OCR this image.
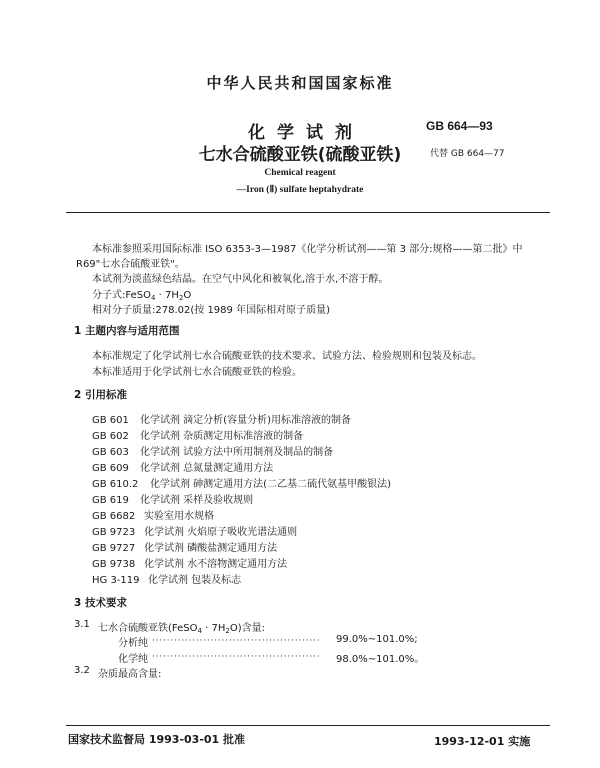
中华人民共和国国家标准
化学试剂
七水合硫酸亚铁(硫酸亚铁)
GB 664—93
代替 GB 664—77
Chemical reagent
—Iron (Ⅱ) sulfate heptahydrate
本标准参照采用国际标准 ISO 6353-3—1987《化学分析试剂——第 3 部分:规格——第二批》中
R69"七水合硫酸亚铁"。
本试剂为淡蓝绿色结晶。在空气中风化和被氧化,溶于水,不溶于醇。
分子式:FeSO$_4$ · $7H_2O$
相对分子质量:278.02(按 1989 年国际相对原子质量)
1 主题内容与适用范围
本标准规定了化学试剂七水合硫酸亚铁的技术要求、试验方法、检验规则和包装及标志。
本标准适用于化学试剂七水合硫酸亚铁的检验。
2 引用标准
GB 601 化学试剂 滴定分析(容量分析)用标准溶液的制备
GB 602 化学试剂 杂质测定用标准溶液的制备
GB 603 化学试剂 试验方法中所用制剂及制品的制备
GB 609 化学试剂 总氮量测定通用方法
GB 610.2 化学试剂 砷测定通用方法(二乙基二硫代氨基甲酸银法)
GB 619 化学试剂 采样及验收规则
GB 6682 实验室用水规格
GB 9723 化学试剂 火焰原子吸收光谱法通则
GB 9727 化学试剂 磷酸盐测定通用方法
GB 9738 化学试剂 水不溶物测定通用方法
HG 3-119 化学试剂 包装及标志
3 技术要求
3.1 七水合硫酸亚铁(FeSO$_4$ · $7H_2O$)含量:
分析纯 ·············································· 99.0%~101.0%;
化学纯 ·············································· 98.0%~101.0%。
3.2 杂质最高含量:
国家技术监督局 1993-03-01 批准	1993-12-01 实施
